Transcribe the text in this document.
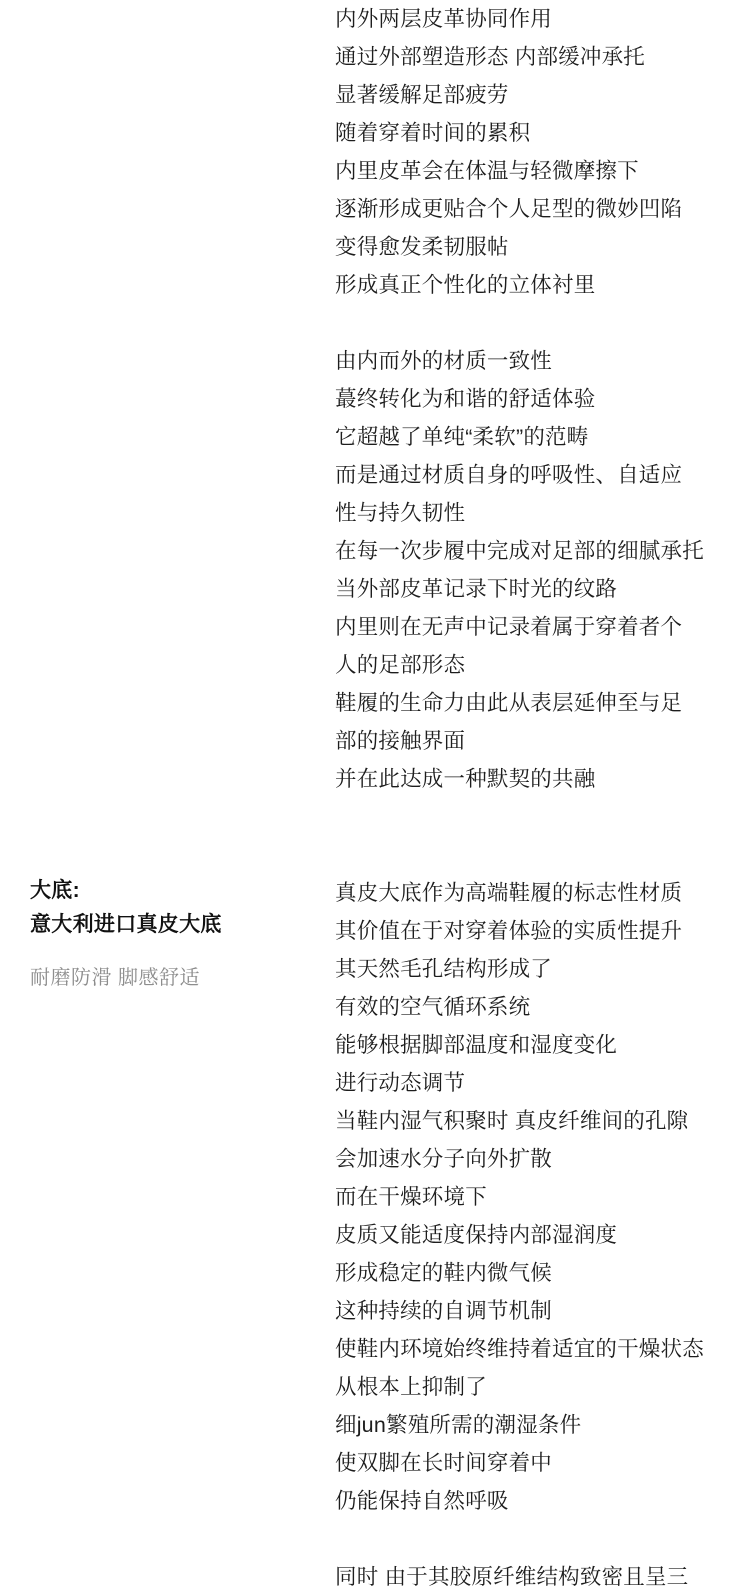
内外两层皮革协同作用
通过外部塑造形态 内部缓冲承托
显著缓解足部疲劳
随着穿着时间的累积
内里皮革会在体温与轻微摩擦下
逐渐形成更贴合个人足型的微妙凹陷
变得愈发柔韧服帖
形成真正个性化的立体衬里
由内而外的材质一致性
蕞终转化为和谐的舒适体验
它超越了单纯“柔软”的范畴
而是通过材质自身的呼吸性、自适应
性与持久韧性
在每一次步履中完成对足部的细腻承托
当外部皮革记录下时光的纹路
内里则在无声中记录着属于穿着者个
人的足部形态
鞋履的生命力由此从表层延伸至与足
部的接触界面
并在此达成一种默契的共融
大底:
意大利进口真皮大底
耐磨防滑 脚感舒适
真皮大底作为高端鞋履的标志性材质
其价值在于对穿着体验的实质性提升
其天然毛孔结构形成了
有效的空气循环系统
能够根据脚部温度和湿度变化
进行动态调节
当鞋内湿气积聚时 真皮纤维间的孔隙
会加速水分子向外扩散
而在干燥环境下
皮质又能适度保持内部湿润度
形成稳定的鞋内微气候
这种持续的自调节机制
使鞋内环境始终维持着适宜的干燥状态
从根本上抑制了
细jun繁殖所需的潮湿条件
使双脚在长时间穿着中
仍能保持自然呼吸
同时 由于其胶原纤维结构致密且呈三
